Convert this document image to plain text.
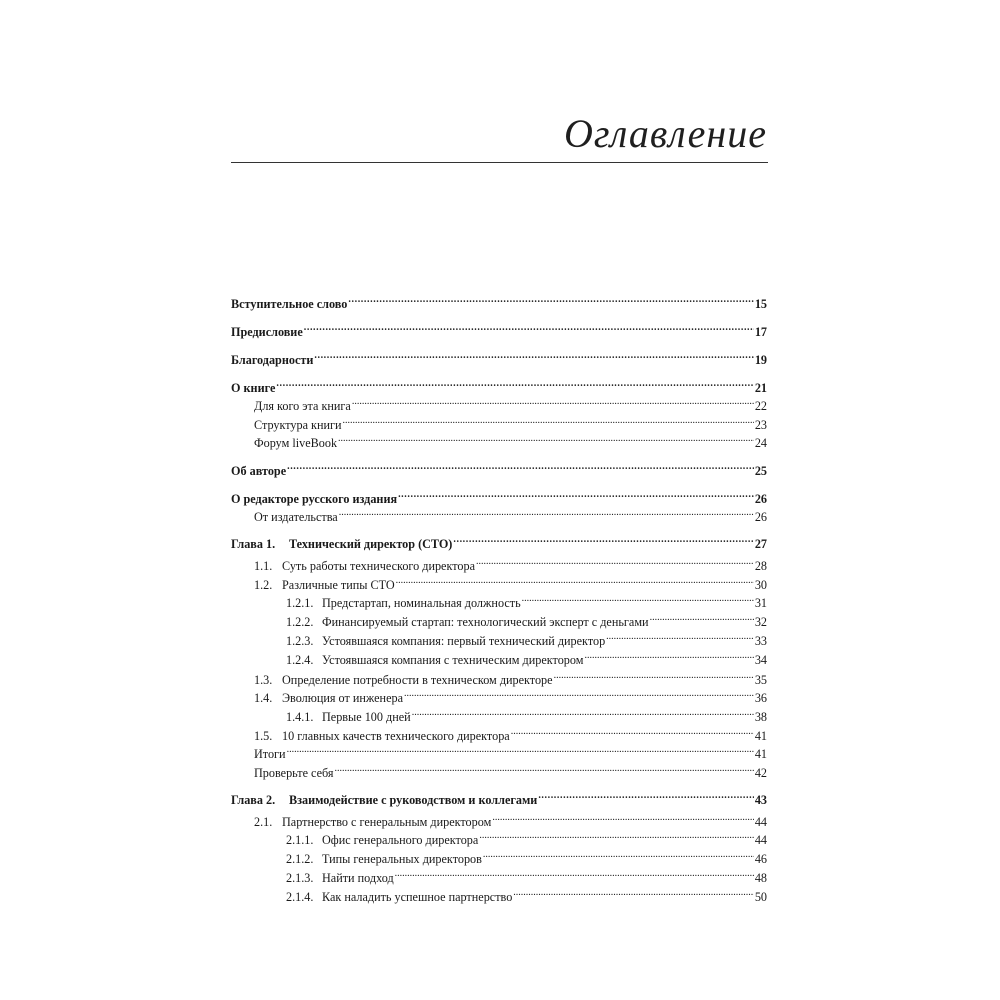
Оглавление
Вступительное слово .....	15
Предисловие .....	17
Благодарности .....	19
О книге .....	21
Для кого эта книга .....	22
Структура книги .....	23
Форум liveBook .....	24
Об авторе .....	25
О редакторе русского издания .....	26
От издательства .....	26
Глава 1.	Технический директор (CTO) .....	27
1.1. Суть работы технического директора .....	28
1.2. Различные типы CTO .....	30
1.2.1. Предстартап, номинальная должность .....	31
1.2.2. Финансируемый стартап: технологический эксперт с деньгами .....	32
1.2.3. Устоявшаяся компания: первый технический директор .....	33
1.2.4. Устоявшаяся компания с техническим директором .....	34
1.3. Определение потребности в техническом директоре .....	35
1.4. Эволюция от инженера .....	36
1.4.1. Первые 100 дней .....	38
1.5. 10 главных качеств технического директора .....	41
Итоги .....	41
Проверьте себя .....	42
Глава 2.	Взаимодействие с руководством и коллегами .....	43
2.1. Партнерство с генеральным директором .....	44
2.1.1. Офис генерального директора .....	44
2.1.2. Типы генеральных директоров .....	46
2.1.3. Найти подход .....	48
2.1.4. Как наладить успешное партнерство .....	50
